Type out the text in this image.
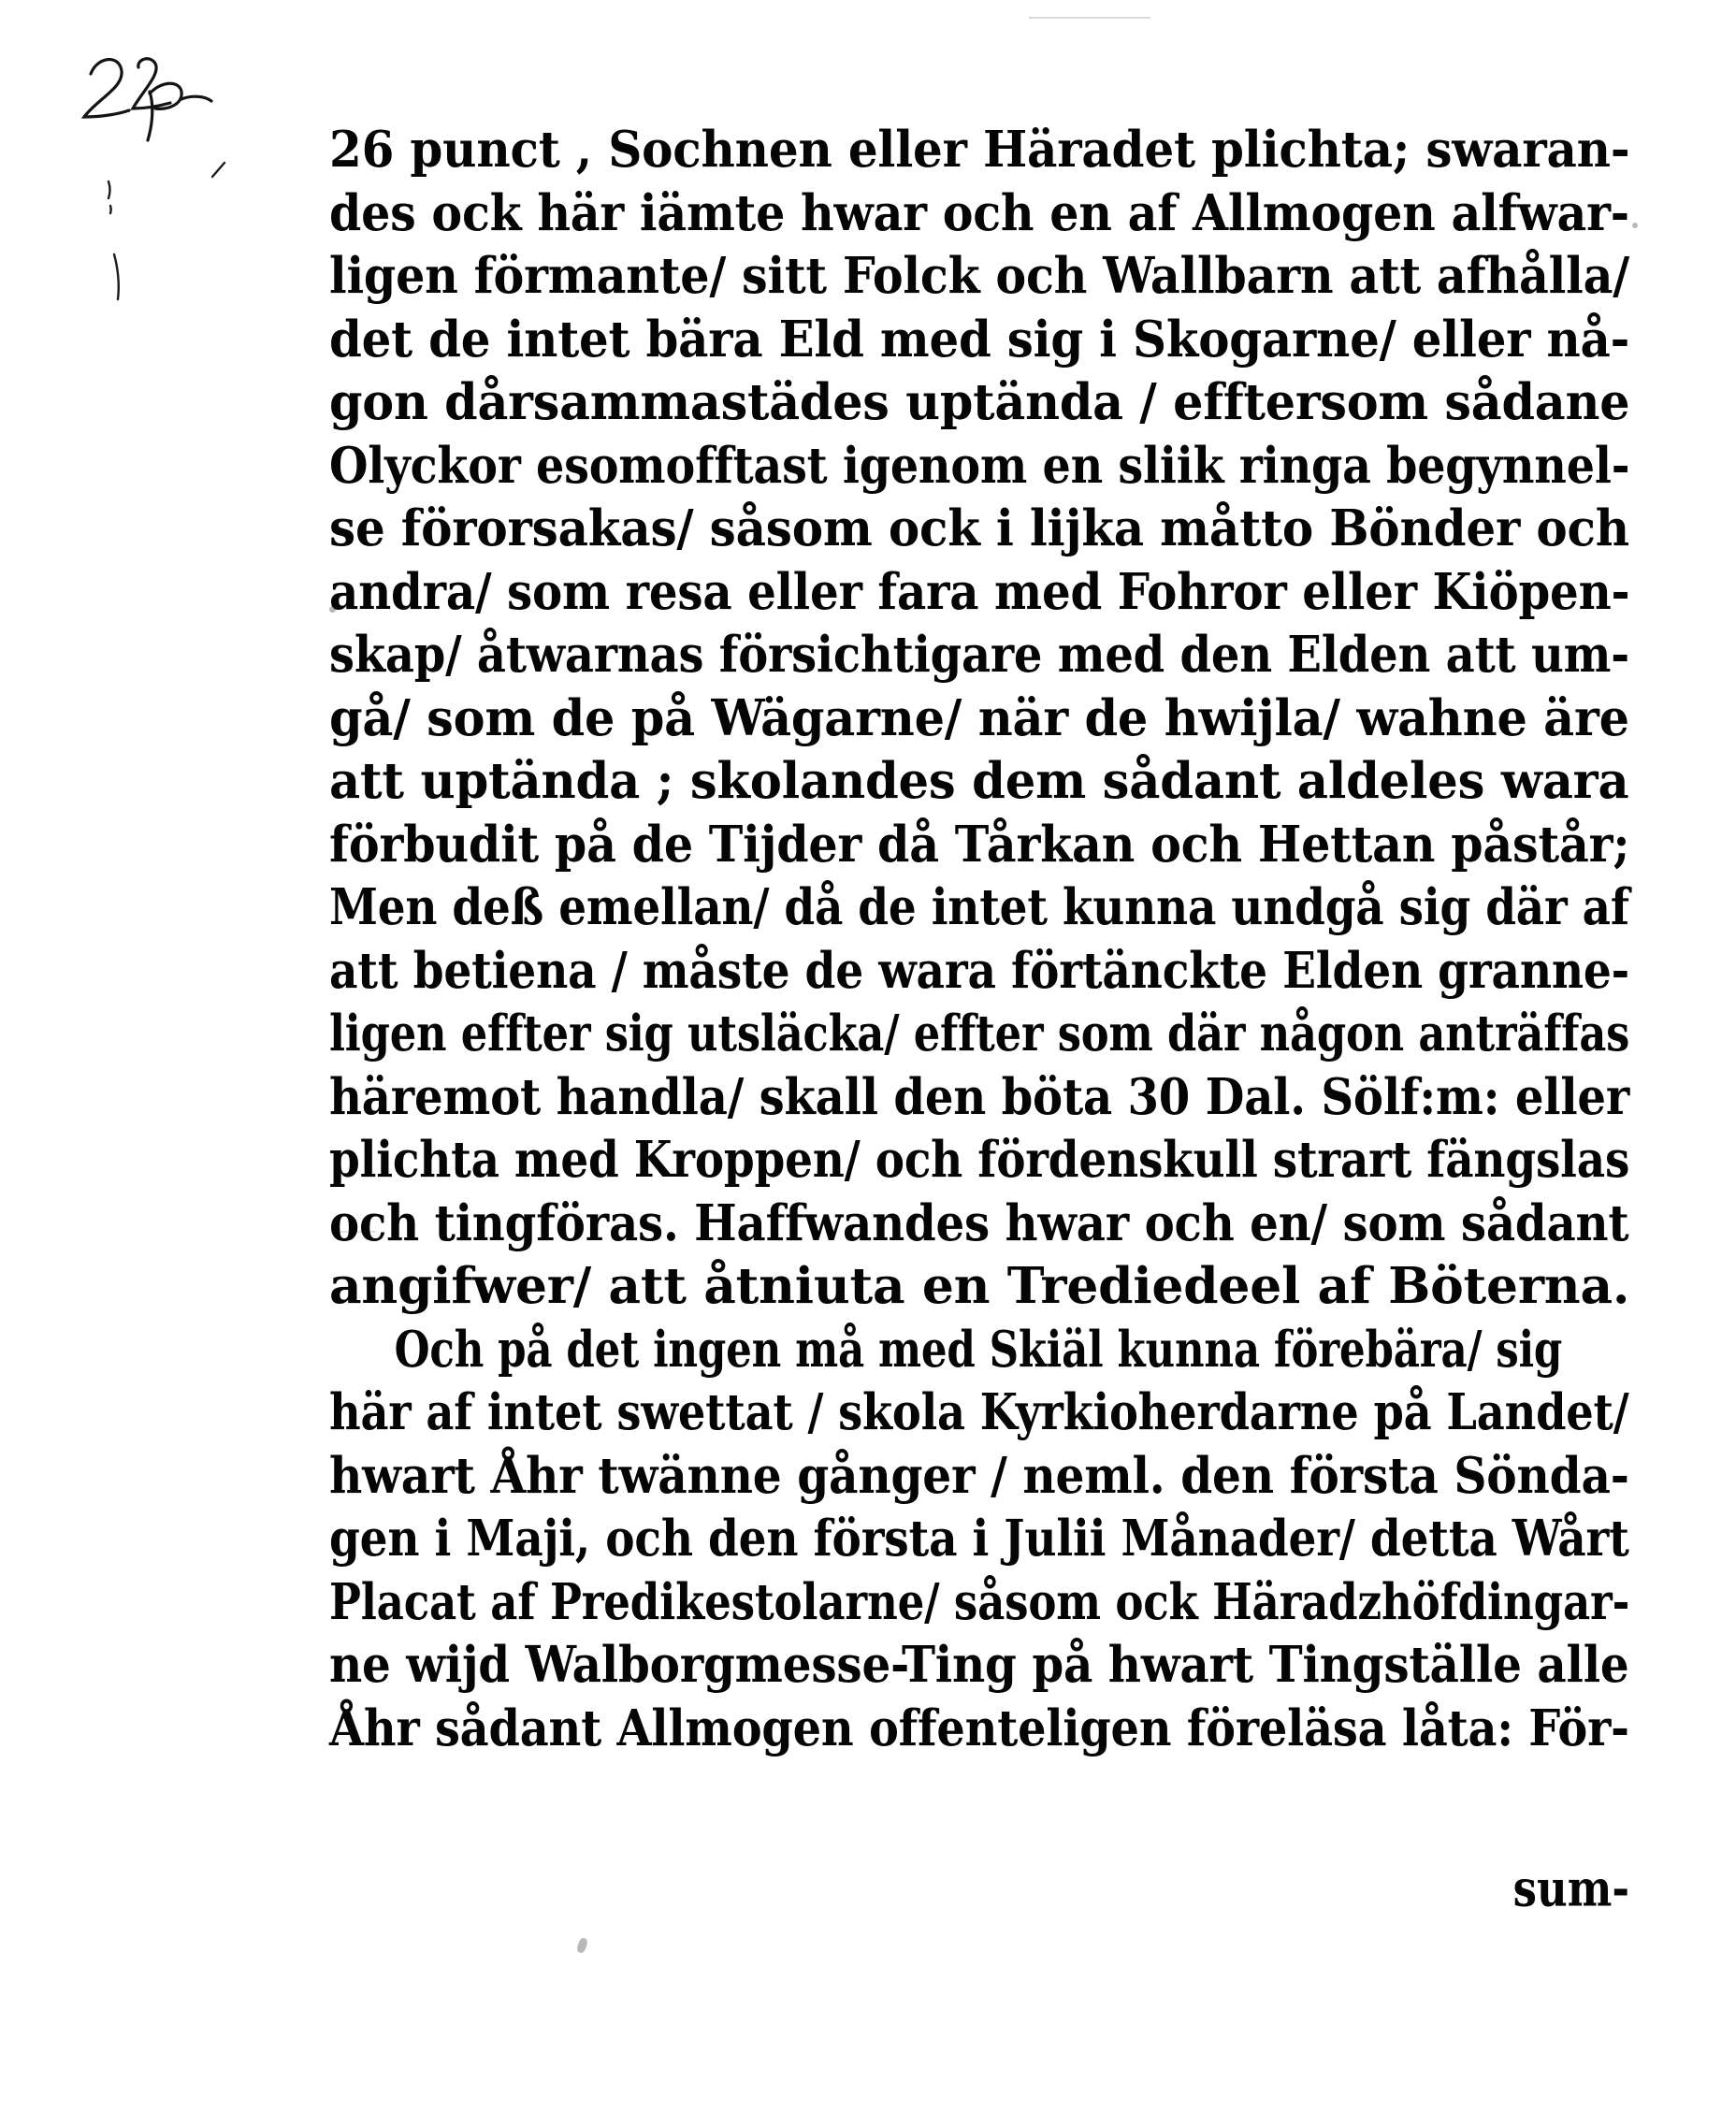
26 punct , Sochnen eller Häradet plichta; swaran-
des ock här iämte hwar och en af Allmogen alfwar-
ligen förmante/ sitt Folck och Wallbarn att afhålla/
det de intet bära Eld med sig i Skogarne/ eller nå-
gon dårsammastädes uptända / efftersom sådane
Olyckor esomofftast igenom en sliik ringa begynnel-
se förorsakas/ såsom ock i lijka måtto Bönder och
andra/ som resa eller fara med Fohror eller Kiöpen-
skap/ åtwarnas försichtigare med den Elden att um-
gå/ som de på Wägarne/ när de hwijla/ wahne äre
att uptända ; skolandes dem sådant aldeles wara
förbudit på de Tijder då Tårkan och Hettan påstår;
Men deß emellan/ då de intet kunna undgå sig där af
att betiena / måste de wara förtänckte Elden granne-
ligen effter sig utsläcka/ effter som där någon anträffas
häremot handla/ skall den böta 30 Dal. Sölf:m: eller
plichta med Kroppen/ och fördenskull strart fängslas
och tingföras. Haffwandes hwar och en/ som sådant
angifwer/ att åtniuta en Trediedeel af Böterna.
Och på det ingen må med Skiäl kunna förebära/ sig
här af intet swettat / skola Kyrkioherdarne på Landet/
hwart Åhr twänne gånger / neml. den första Sönda-
gen i Maji, och den första i Julii Månader/ detta Wårt
Placat af Predikestolarne/ såsom ock Häradzhöfdingar-
ne wijd Walborgmesse-Ting på hwart Tingställe alle
Åhr sådant Allmogen offenteligen föreläsa låta: För-
sum-
